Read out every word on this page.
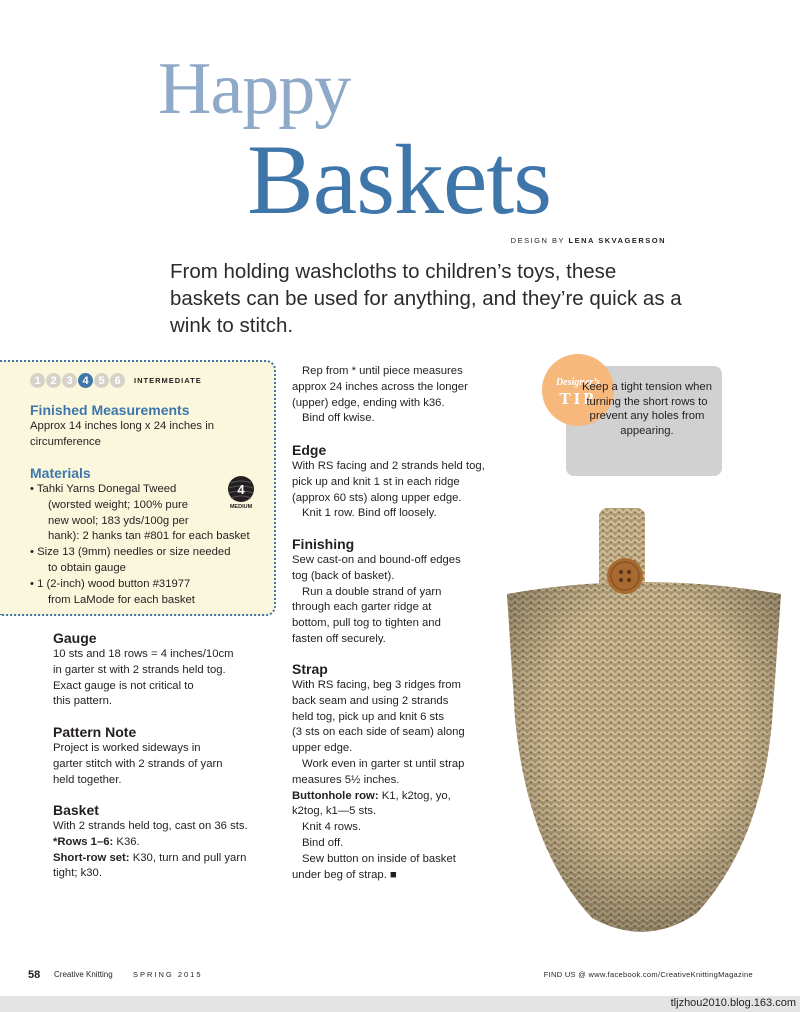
Happy
Baskets
DESIGN BY LENA SKVAGERSON
From holding washcloths to children’s toys, these baskets can be used for anything, and they’re quick as a wink to stitch.
1 2 3 4 5 6	INTERMEDIATE
Finished Measurements

Approx 14 inches long x 24 inches in

circumference

Materials
• Tahki Yarns Donegal Tweed
(worsted weight; 100% pure
new wool; 183 yds/100g per
hank): 2 hanks tan #801 for each basket
• Size 13 (9mm) needles or size needed
to obtain gauge
• 1 (2-inch) wood button #31977
from LaMode for each basket
4
MEDIUM
Gauge

10 sts and 18 rows = 4 inches/10cm

in garter st with 2 strands held tog.

Exact gauge is not critical to

this pattern.

Pattern Note

Project is worked sideways in

garter stitch with 2 strands of yarn

held together.

Basket

With 2 strands held tog, cast on 36 sts.

*Rows 1–6: K36.

Short-row set: K30, turn and pull yarn

tight; k30.

Rep from * until piece measures

approx 24 inches across the longer

(upper) edge, ending with k36.

Bind off kwise.

Edge

With RS facing and 2 strands held tog,

pick up and knit 1 st in each ridge

(approx 60 sts) along upper edge.

Knit 1 row. Bind off loosely.

Finishing

Sew cast-on and bound-off edges

tog (back of basket).

Run a double strand of yarn

through each garter ridge at

bottom, pull tog to tighten and

fasten off securely.

Strap

With RS facing, beg 3 ridges from

back seam and using 2 strands

held tog, pick up and knit 6 sts

(3 sts on each side of seam) along

upper edge.

Work even in garter st until strap

measures 5½ inches.

Buttonhole row: K1, k2tog, yo,

k2tog, k1—5 sts.

Knit 4 rows.

Bind off.

Sew button on inside of basket

under beg of strap. ■

Designer’s
TIP
Keep a tight tension when turning the short rows to prevent any holes from appearing.
58 Creative Knitting	SPRING 2015	FIND US @ www.facebook.com/CreativeKnittingMagazine
tljzhou2010.blog.163.com
